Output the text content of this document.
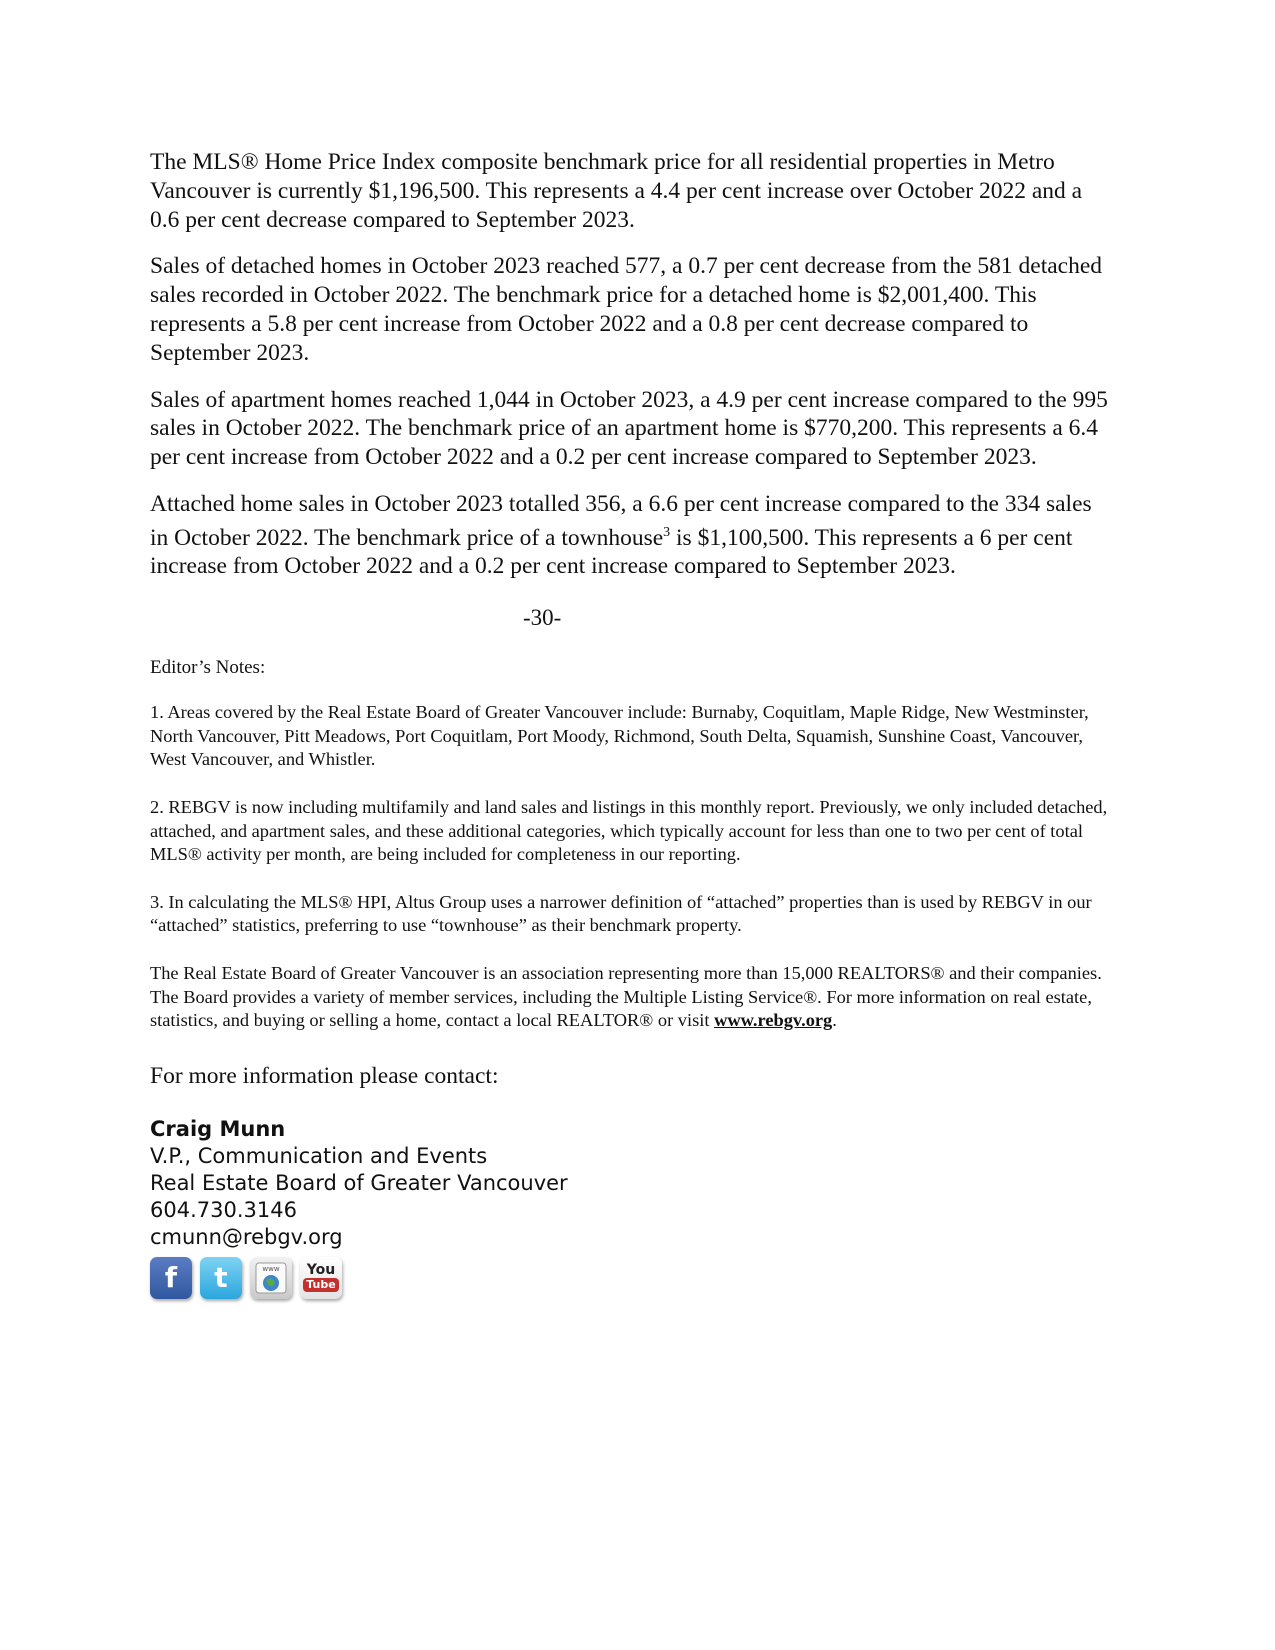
The MLS® Home Price Index composite benchmark price for all residential properties in Metro Vancouver is currently $1,196,500. This represents a 4.4 per cent increase over October 2022 and a 0.6 per cent decrease compared to September 2023.

Sales of detached homes in October 2023 reached 577, a 0.7 per cent decrease from the 581 detached sales recorded in October 2022. The benchmark price for a detached home is $2,001,400. This represents a 5.8 per cent increase from October 2022 and a 0.8 per cent decrease compared to September 2023.

Sales of apartment homes reached 1,044 in October 2023, a 4.9 per cent increase compared to the 995 sales in October 2022. The benchmark price of an apartment home is $770,200. This represents a 6.4 per cent increase from October 2022 and a 0.2 per cent increase compared to September 2023.

Attached home sales in October 2023 totalled 356, a 6.6 per cent increase compared to the 334 sales in October 2022. The benchmark price of a townhouse$^3$ is $1,100,500. This represents a 6 per cent increase from October 2022 and a 0.2 per cent increase compared to September 2023.

-30-
Editor’s Notes:

1. Areas covered by the Real Estate Board of Greater Vancouver include: Burnaby, Coquitlam, Maple Ridge, New Westminster, North Vancouver, Pitt Meadows, Port Coquitlam, Port Moody, Richmond, South Delta, Squamish, Sunshine Coast, Vancouver, West Vancouver, and Whistler.

2. REBGV is now including multifamily and land sales and listings in this monthly report. Previously, we only included detached, attached, and apartment sales, and these additional categories, which typically account for less than one to two per cent of total MLS® activity per month, are being included for completeness in our reporting.

3. In calculating the MLS® HPI, Altus Group uses a narrower definition of “attached” properties than is used by REBGV in our “attached” statistics, preferring to use “townhouse” as their benchmark property.

The Real Estate Board of Greater Vancouver is an association representing more than 15,000 REALTORS® and their companies. The Board provides a variety of member services, including the Multiple Listing Service®. For more information on real estate, statistics, and buying or selling a home, contact a local REALTOR® or visit www.rebgv.org.

For more information please contact:
Craig Munn
V.P., Communication and Events
Real Estate Board of Greater Vancouver
604.730.3146
cmunn@rebgv.org
f t	www You
Tube
